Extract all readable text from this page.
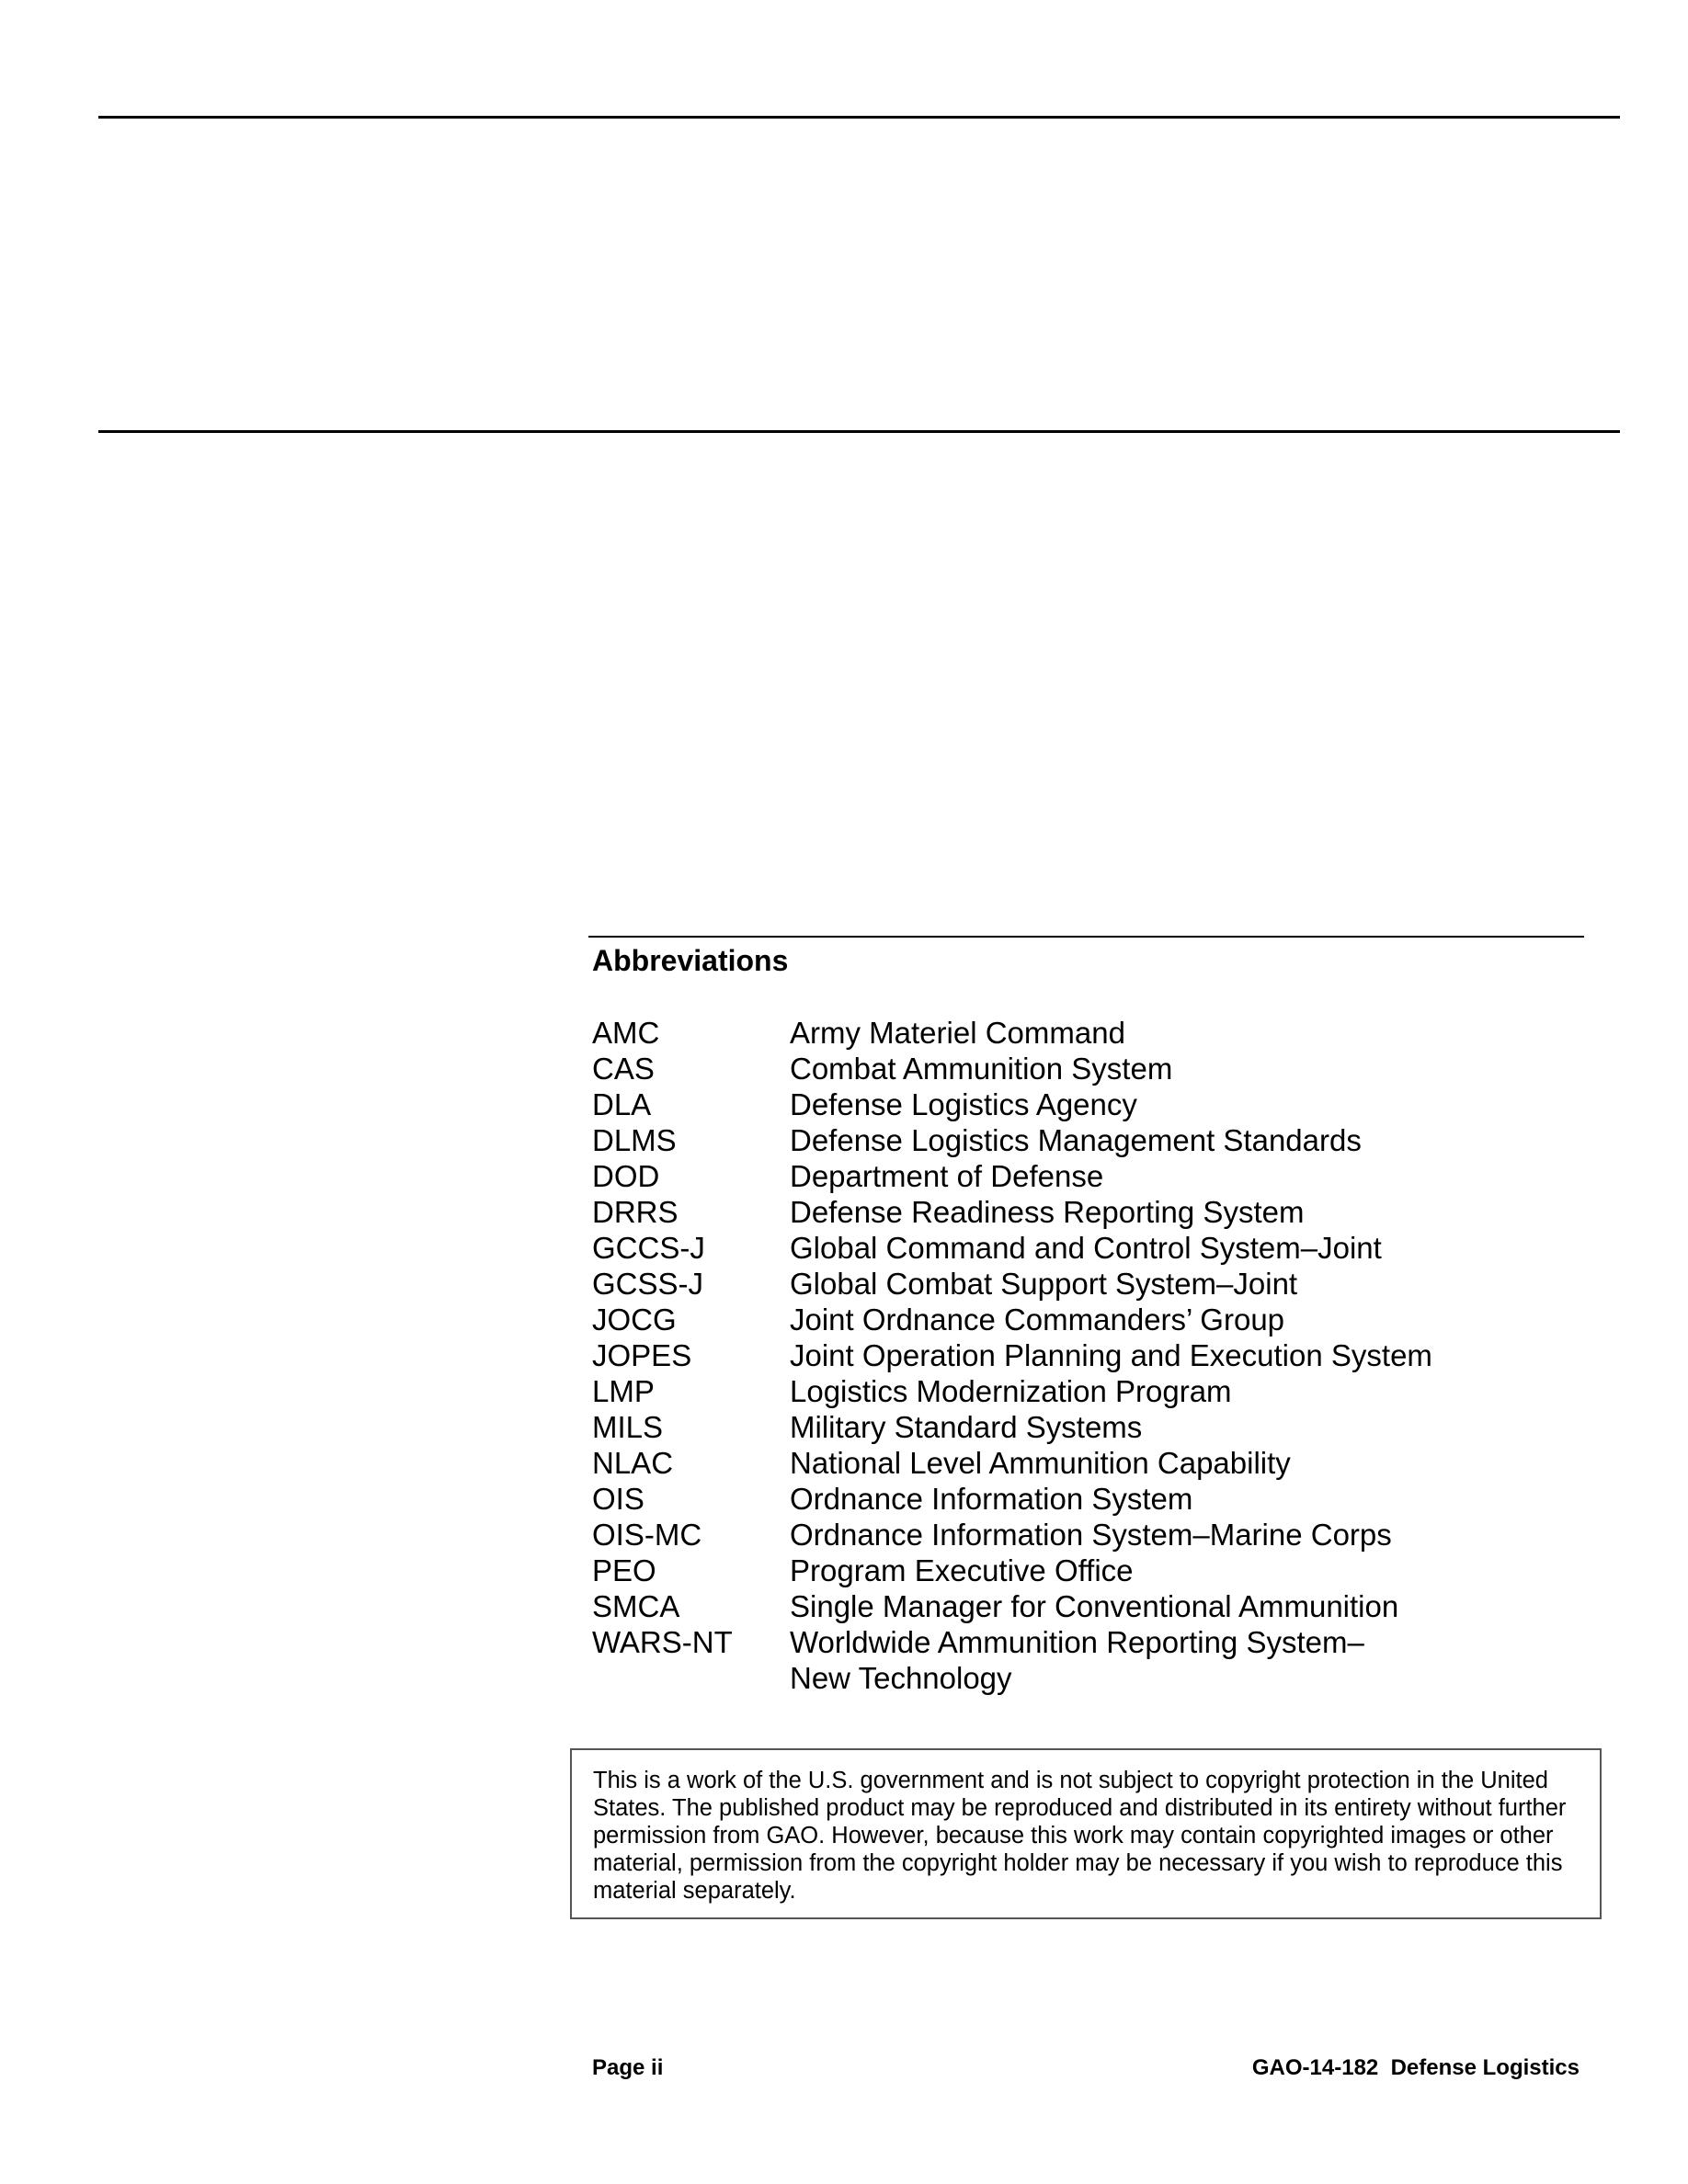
Abbreviations
AMC	Army Materiel Command
CAS	Combat Ammunition System
DLA	Defense Logistics Agency
DLMS	Defense Logistics Management Standards
DOD	Department of Defense
DRRS	Defense Readiness Reporting System
GCCS-J	Global Command and Control System–Joint
GCSS-J	Global Combat Support System–Joint
JOCG	Joint Ordnance Commanders’ Group
JOPES	Joint Operation Planning and Execution System
LMP	Logistics Modernization Program
MILS	Military Standard Systems
NLAC	National Level Ammunition Capability
OIS	Ordnance Information System
OIS-MC	Ordnance Information System–Marine Corps
PEO	Program Executive Office
SMCA	Single Manager for Conventional Ammunition
WARS-NT	Worldwide Ammunition Reporting System–
New Technology
This is a work of the U.S. government and is not subject to copyright protection in the United States. The published product may be reproduced and distributed in its entirety without further permission from GAO. However, because this work may contain copyrighted images or other material, permission from the copyright holder may be necessary if you wish to reproduce this material separately.
Page ii	GAO-14-182  Defense Logistics
